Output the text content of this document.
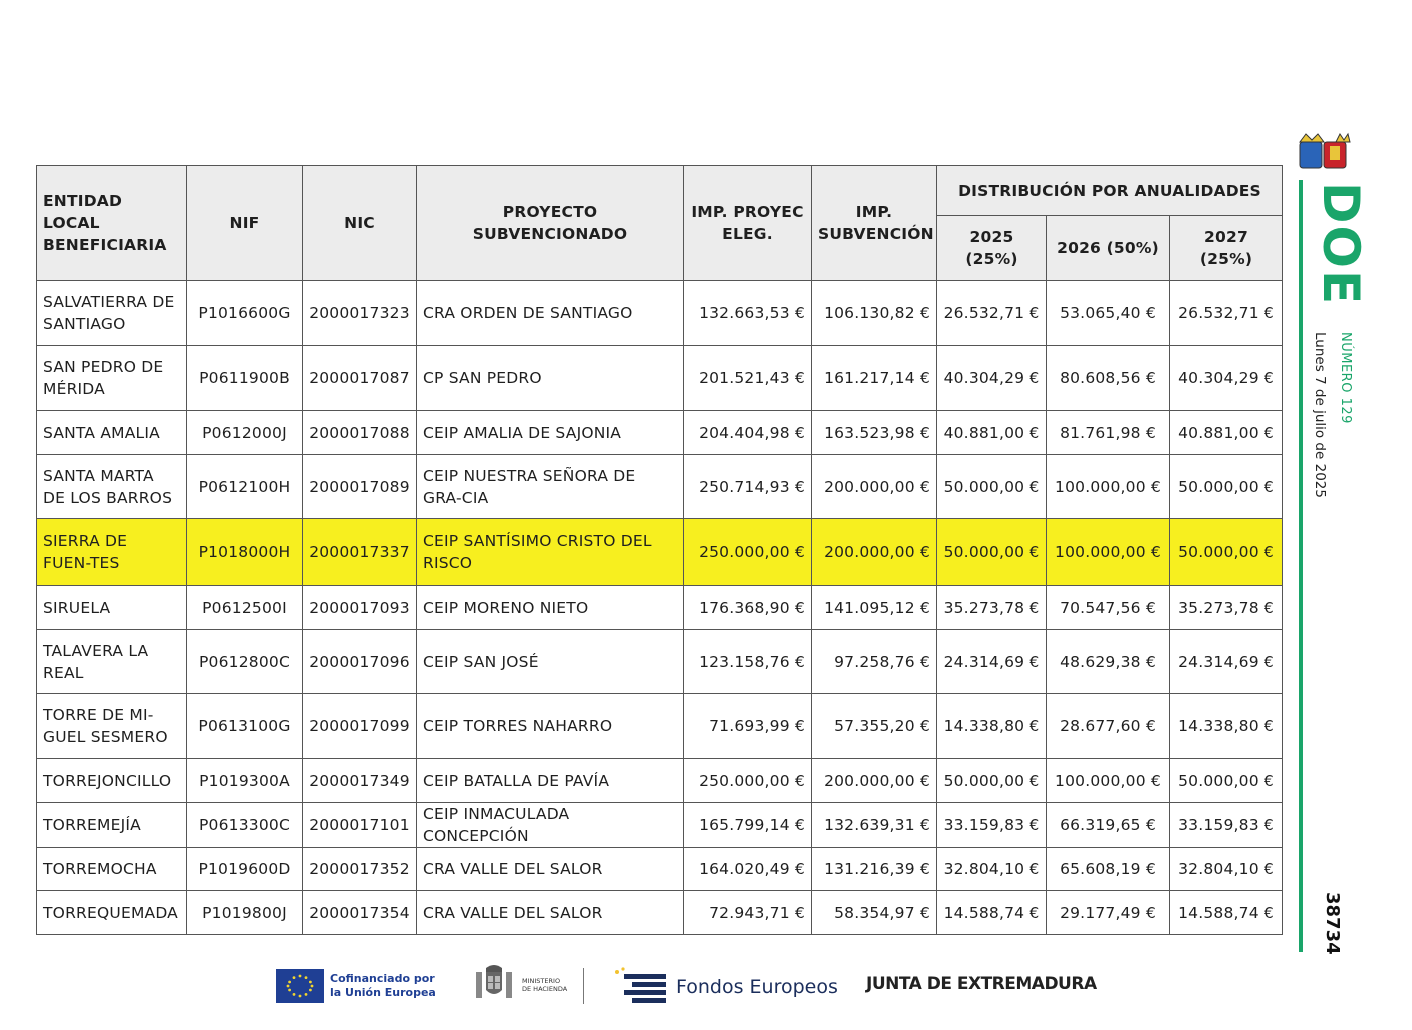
ENTIDAD LOCAL BENEFICIARIA	NIF	NIC	PROYECTO SUBVENCIONADO	IMP. PROYEC ELEG.	IMP. SUBVENCIÓN	DISTRIBUCIÓN POR ANUALIDADES		
						2025 (25%)	2026 (50%)	2027 (25%)
SALVATIERRA DE SANTIAGO	P1016600G	2000017323	CRA ORDEN DE SANTIAGO	132.663,53 €	106.130,82 €	26.532,71 €	53.065,40 €	26.532,71 €
SAN PEDRO DE MÉRIDA	P0611900B	2000017087	CP SAN PEDRO	201.521,43 €	161.217,14 €	40.304,29 €	80.608,56 €	40.304,29 €
SANTA AMALIA	P0612000J	2000017088	CEIP AMALIA DE SAJONIA	204.404,98 €	163.523,98 €	40.881,00 €	81.761,98 €	40.881,00 €
SANTA MARTA DE LOS BARROS	P0612100H	2000017089	CEIP NUESTRA SEÑORA DE GRA-CIA	250.714,93 €	200.000,00 €	50.000,00 €	100.000,00 €	50.000,00 €
SIERRA DE FUEN-TES	P1018000H	2000017337	CEIP SANTÍSIMO CRISTO DEL RISCO	250.000,00 €	200.000,00 €	50.000,00 €	100.000,00 €	50.000,00 €
SIRUELA	P0612500I	2000017093	CEIP MORENO NIETO	176.368,90 €	141.095,12 €	35.273,78 €	70.547,56 €	35.273,78 €
TALAVERA LA REAL	P0612800C	2000017096	CEIP SAN JOSÉ	123.158,76 €	97.258,76 €	24.314,69 €	48.629,38 €	24.314,69 €
TORRE DE MI-GUEL SESMERO	P0613100G	2000017099	CEIP TORRES NAHARRO	71.693,99 €	57.355,20 €	14.338,80 €	28.677,60 €	14.338,80 €
TORREJONCILLO	P1019300A	2000017349	CEIP BATALLA DE PAVÍA	250.000,00 €	200.000,00 €	50.000,00 €	100.000,00 €	50.000,00 €
TORREMEJÍA	P0613300C	2000017101	CEIP INMACULADA CONCEPCIÓN	165.799,14 €	132.639,31 €	33.159,83 €	66.319,65 €	33.159,83 €
TORREMOCHA	P1019600D	2000017352	CRA VALLE DEL SALOR	164.020,49 €	131.216,39 €	32.804,10 €	65.608,19 €	32.804,10 €
TORREQUEMADA	P1019800J	2000017354	CRA VALLE DEL SALOR	72.943,71 €	58.354,97 €	14.588,74 €	29.177,49 €	14.588,74 €
DOE
NÚMERO 129
Lunes 7 de julio de 2025
38734
Cofinanciado por
la Unión Europea
MINISTERIO
DE HACIENDA	Fondos Europeos JUNTA DE EXTREMADURA
